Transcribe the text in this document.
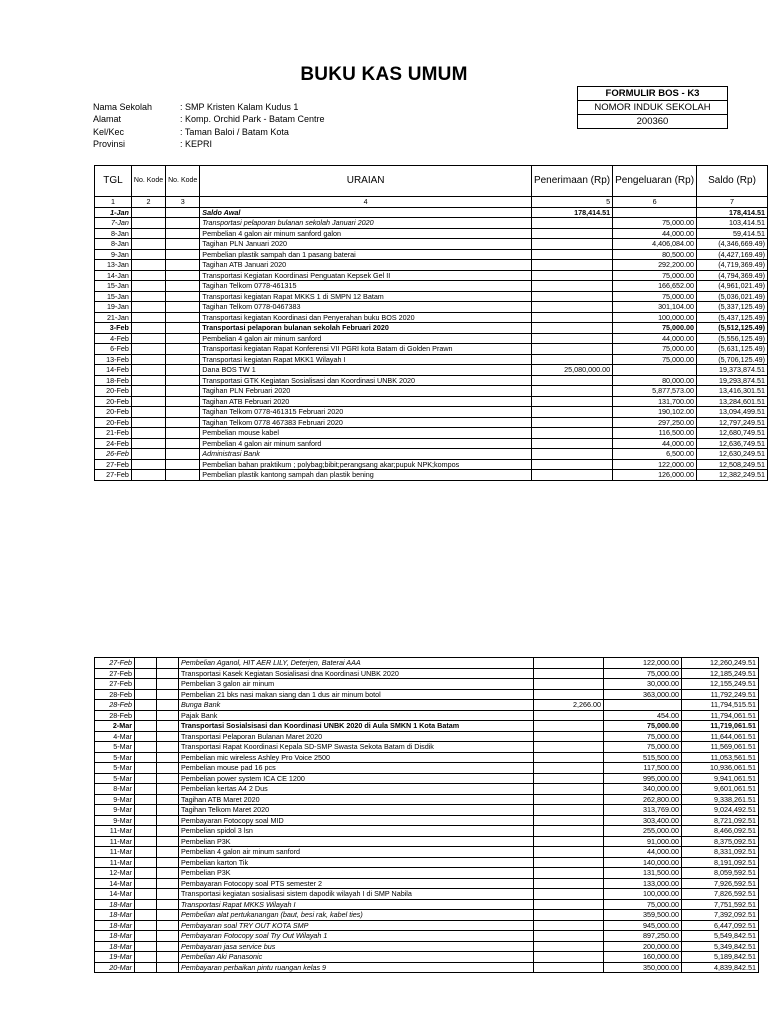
BUKU KAS UMUM
FORMULIR BOS - K3
NOMOR INDUK SEKOLAH
200360
Nama Sekolah	: SMP Kristen Kalam Kudus 1
Alamat	: Komp. Orchid Park - Batam Centre
Kel/Kec	: Taman Baloi / Batam Kota
Provinsi	: KEPRI
TGL	No. Kode	No. Kode	URAIAN	Penerimaan (Rp)	Pengeluaran (Rp)	Saldo (Rp)
1	2	3	4	5	6	7
1-Jan			Saldo Awal	178,414.51		178,414.51
7-Jan			Transportasi pelaporan bulanan sekolah Januari 2020		75,000.00	103,414.51
8-Jan			Pembelian 4 galon air minum sanford galon		44,000.00	59,414.51
8-Jan			Tagihan PLN Januari 2020		4,406,084.00	(4,346,669.49)
9-Jan			Pembelian plastik sampah dan 1 pasang baterai		80,500.00	(4,427,169.49)
13-Jan			Tagihan ATB Januari 2020		292,200.00	(4,719,369.49)
14-Jan			Transportasi Kegiatan Koordinasi Penguatan Kepsek Gel II		75,000.00	(4,794,369.49)
15-Jan			Tagihan Telkom 0778-461315		166,652.00	(4,961,021.49)
15-Jan			Transportasi kegiatan Rapat MKKS 1 di SMPN 12 Batam		75,000.00	(5,036,021.49)
19-Jan			Tagihan Telkom 0778-0467383		301,104.00	(5,337,125.49)
21-Jan			Transportasi kegiatan Koordinasi dan Penyerahan buku BOS 2020		100,000.00	(5,437,125.49)
3-Feb			Transportasi pelaporan bulanan sekolah Februari 2020		75,000.00	(5,512,125.49)
4-Feb			Pembelian 4 galon air minum sanford		44,000.00	(5,556,125.49)
6-Feb			Transportasi kegiatan Rapat Konferensi VII PGRI kota Batam di Golden Prawn		75,000.00	(5,631,125.49)
13-Feb			Transportasi kegiatan Rapat MKK1 Wilayah I		75,000.00	(5,706,125.49)
14-Feb			Dana BOS TW 1	25,080,000.00		19,373,874.51
18-Feb			Transportasi GTK Kegiatan Sosialisasi dan Koordinasi UNBK 2020		80,000.00	19,293,874.51
20-Feb			Tagihan PLN Februari 2020		5,877,573.00	13,416,301.51
20-Feb			Tagihan ATB Februari 2020		131,700.00	13,284,601.51
20-Feb			Tagihan Telkom 0778-461315 Februari 2020		190,102.00	13,094,499.51
20-Feb			Tagihan Telkom 0778 467383 Februari 2020		297,250.00	12,797,249.51
21-Feb			Pembelian mouse kabel		116,500.00	12,680,749.51
24-Feb			Pembelian 4 galon air minum sanford		44,000.00	12,636,749.51
26-Feb			Administrasi Bank		6,500.00	12,630,249.51
27-Feb			Pembelian bahan praktikum ; polybag;bibit;perangsang akar;pupuk NPK;kompos		122,000.00	12,508,249.51
27-Feb			Pembelian plastik kantong sampah dan plastik bening		126,000.00	12,382,249.51
27-Feb			Pembelian Aganol, HIT AER LILY, Deterjen, Baterai AAA		122,000.00	12,260,249.51
27-Feb			Transportasi Kasek Kegiatan Sosialisasi dna Koordinasi UNBK 2020		75,000.00	12,185,249.51
27-Feb			Pembelian 3 galon air minum		30,000.00	12,155,249.51
28-Feb			Pembelian 21 bks nasi makan siang dan 1 dus air minum botol		363,000.00	11,792,249.51
28-Feb			Bunga Bank	2,266.00		11,794,515.51
28-Feb			Pajak Bank		454.00	11,794,061.51
2-Mar			Transportasi Sosialsisasi dan Koordinasi UNBK 2020 di Aula SMKN 1 Kota Batam		75,000.00	11,719,061.51
4-Mar			Transportasi Pelaporan Bulanan Maret 2020		75,000.00	11,644,061.51
5-Mar			Transportasi Rapat Koordinasi Kepala SD-SMP Swasta Sekota Batam di Disdik		75,000.00	11,569,061.51
5-Mar			Pembelian mic wireless Ashley Pro Voice 2500		515,500.00	11,053,561.51
5-Mar			Pembelian mouse pad 16 pcs		117,500.00	10,936,061.51
5-Mar			Pembelian power system ICA CE 1200		995,000.00	9,941,061.51
8-Mar			Pembelian kertas A4 2 Dus		340,000.00	9,601,061.51
9-Mar			Tagihan ATB Maret 2020		262,800.00	9,338,261.51
9-Mar			Tagihan Telkom Maret 2020		313,769.00	9,024,492.51
9-Mar			Pembayaran Fotocopy soal MID		303,400.00	8,721,092.51
11-Mar			Pembelian spidol 3 lsn		255,000.00	8,466,092.51
11-Mar			Pembelian P3K		91,000.00	8,375,092.51
11-Mar			Pembelian 4 galon air minum sanford		44,000.00	8,331,092.51
11-Mar			Pembelian karton Tik		140,000.00	8,191,092.51
12-Mar			Pembelian P3K		131,500.00	8,059,592.51
14-Mar			Pembayaran Fotocopy soal PTS semester 2		133,000.00	7,926,592.51
14-Mar			Transportasi kegiatan sosialisasi sistem dapodik wilayah I di SMP Nabila		100,000.00	7,826,592.51
18-Mar			Transportasi Rapat MKKS Wilayah I		75,000.00	7,751,592.51
18-Mar			Pembelian alat pertukanangan (baut, besi rak, kabel ties)		359,500.00	7,392,092.51
18-Mar			Pembayaran soal TRY OUT KOTA SMP		945,000.00	6,447,092.51
18-Mar			Pembayaran Fotocopy soal Try Out Wilayah 1		897,250.00	5,549,842.51
18-Mar			Pembayaran jasa service bus		200,000.00	5,349,842.51
19-Mar			Pembelian Aki Panasonic		160,000.00	5,189,842.51
20-Mar			Pembayaran perbaikan pintu ruangan kelas 9		350,000.00	4,839,842.51
